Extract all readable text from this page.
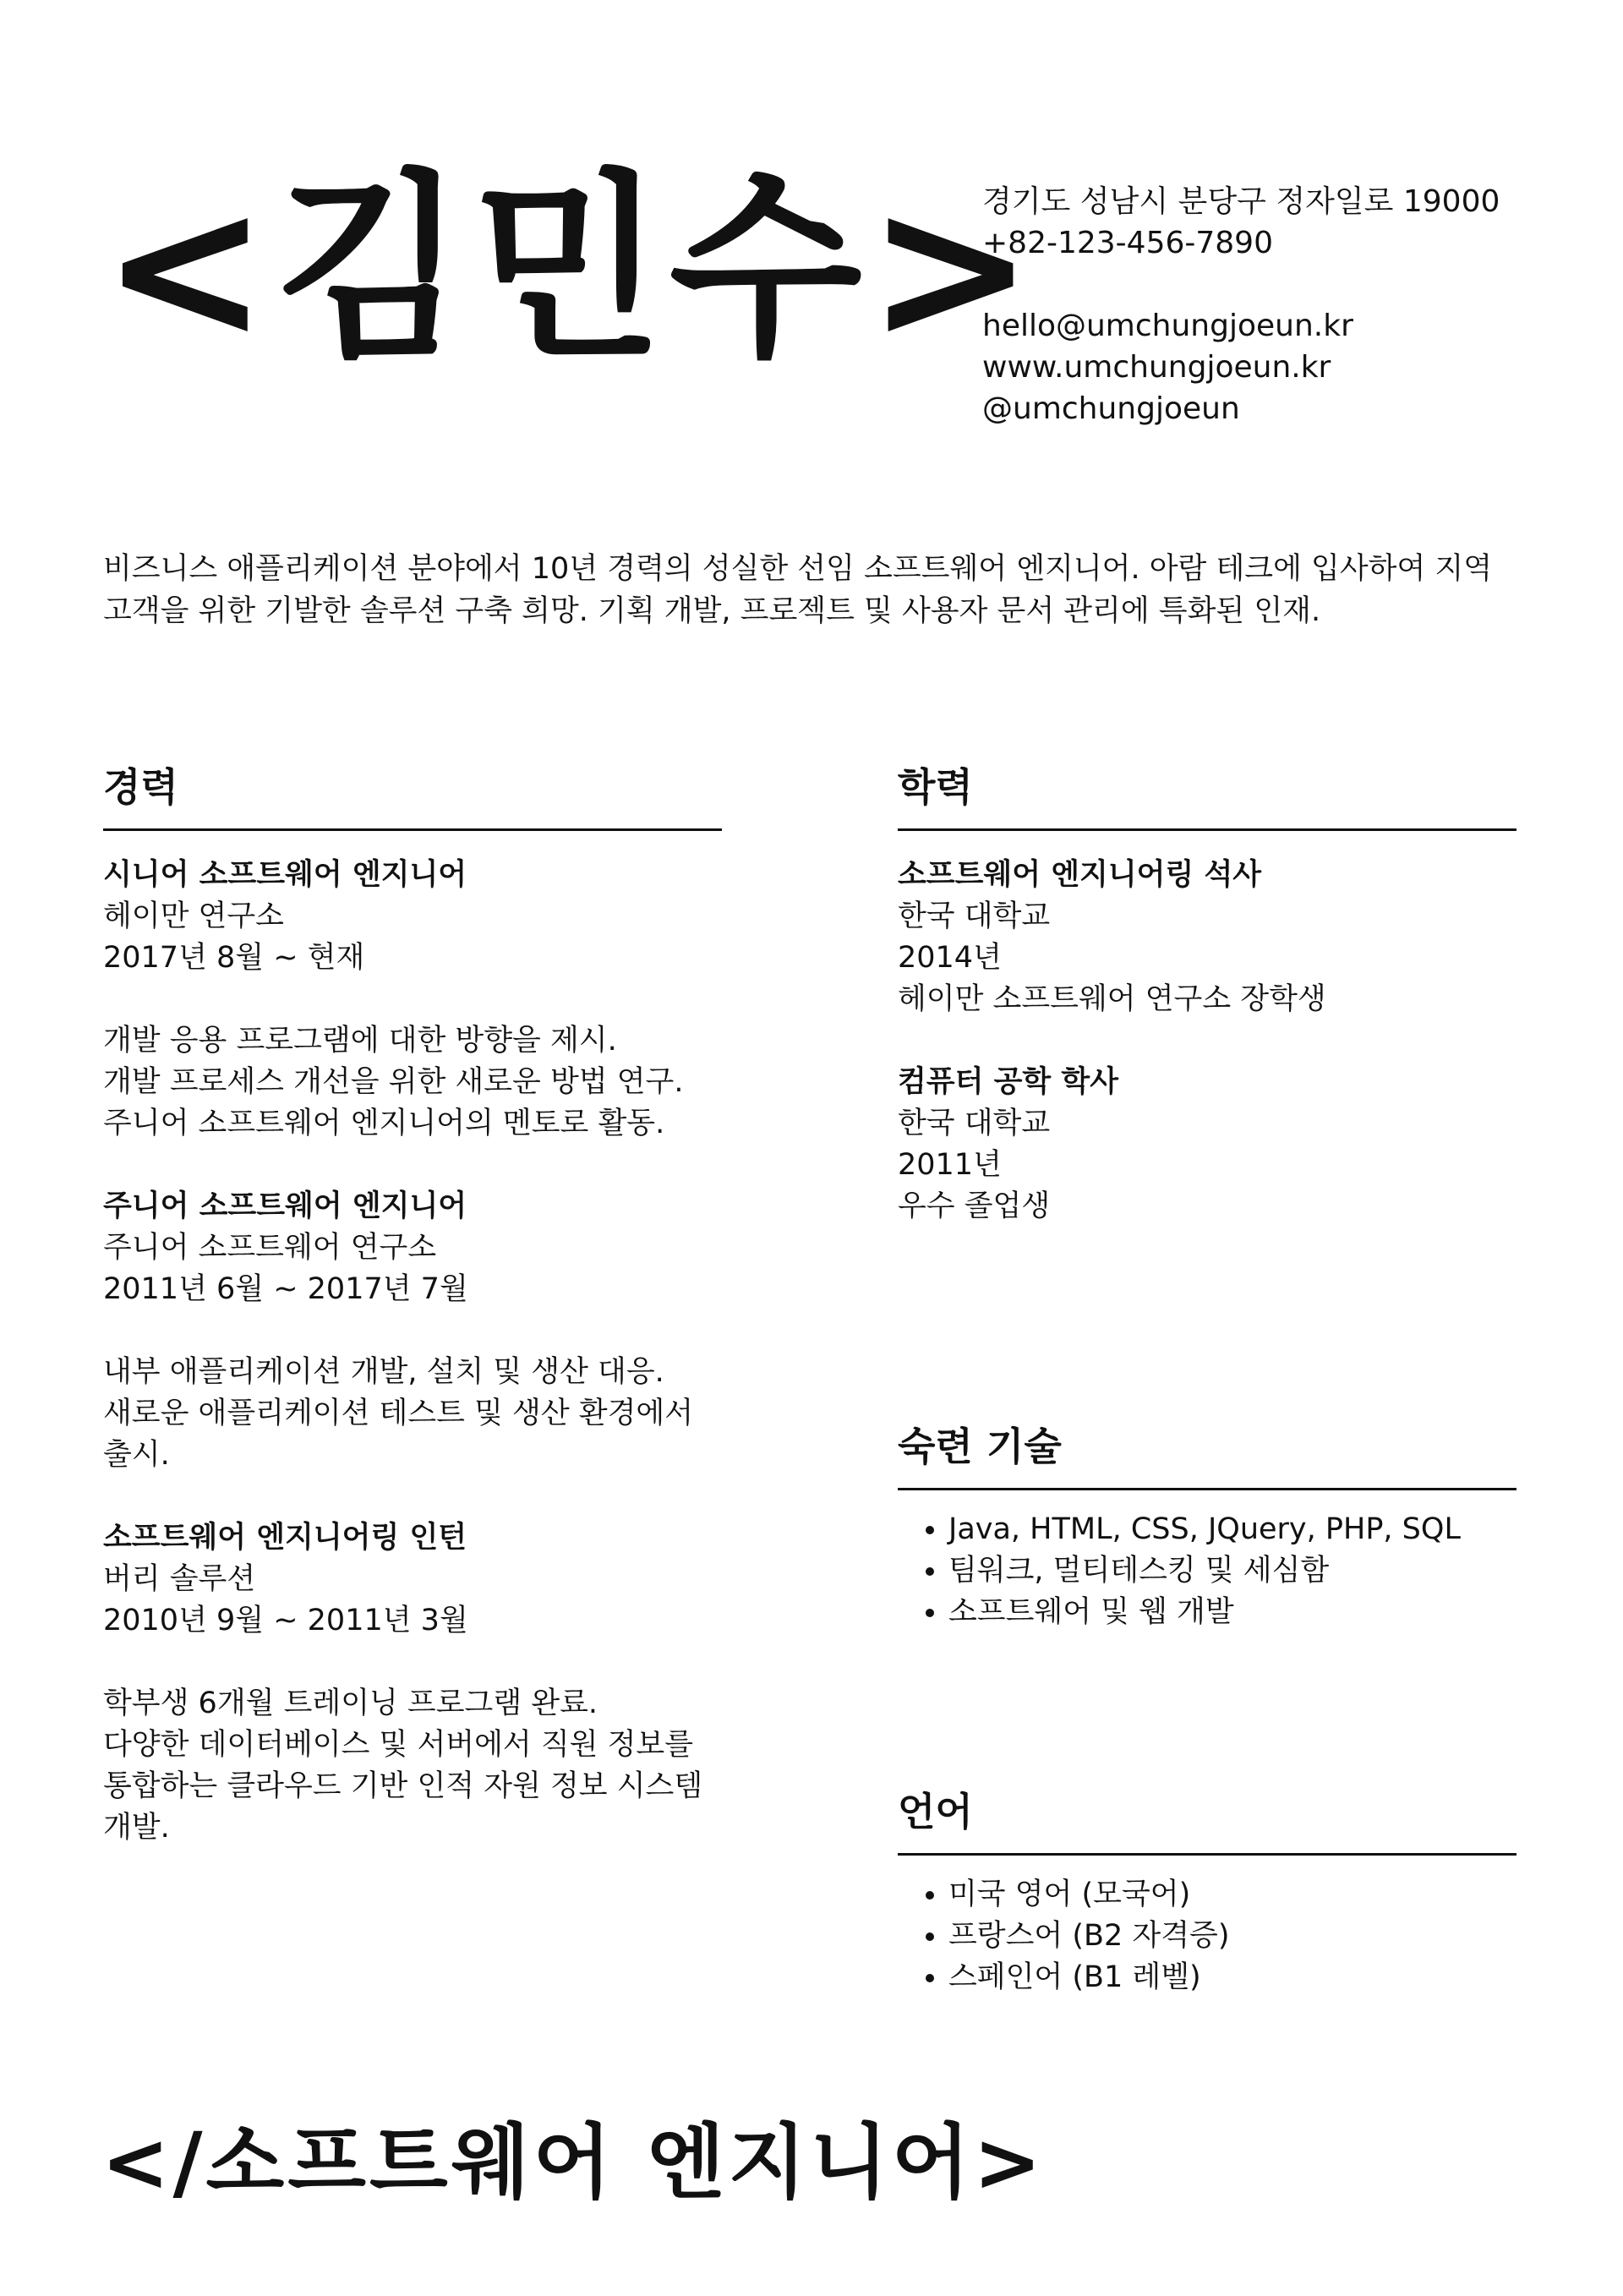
<김민수>
경기도 성남시 분당구 정자일로 19000
+82-123-456-7890
hello@umchungjoeun.kr
www.umchungjoeun.kr
@umchungjoeun
비즈니스 애플리케이션 분야에서 10년 경력의 성실한 선임 소프트웨어 엔지니어. 아람 테크에 입사하여 지역
고객을 위한 기발한 솔루션 구축 희망. 기획 개발, 프로젝트 및 사용자 문서 관리에 특화된 인재.
경력
시니어 소프트웨어 엔지니어
헤이만 연구소
2017년 8월 ~ 현재
개발 응용 프로그램에 대한 방향을 제시.
개발 프로세스 개선을 위한 새로운 방법 연구.
주니어 소프트웨어 엔지니어의 멘토로 활동.
주니어 소프트웨어 엔지니어
주니어 소프트웨어 연구소
2011년 6월 ~ 2017년 7월
내부 애플리케이션 개발, 설치 및 생산 대응.
새로운 애플리케이션 테스트 및 생산 환경에서
출시.
소프트웨어 엔지니어링 인턴
버리 솔루션
2010년 9월 ~ 2011년 3월
학부생 6개월 트레이닝 프로그램 완료.
다양한 데이터베이스 및 서버에서 직원 정보를
통합하는 클라우드 기반 인적 자원 정보 시스템
개발.
학력
소프트웨어 엔지니어링 석사
한국 대학교
2014년
헤이만 소프트웨어 연구소 장학생
컴퓨터 공학 학사
한국 대학교
2011년
우수 졸업생
숙련 기술
• Java, HTML, CSS, JQuery, PHP, SQL
• 팀워크, 멀티테스킹 및 세심함
• 소프트웨어 및 웹 개발
언어
• 미국 영어 (모국어)
• 프랑스어 (B2 자격증)
• 스페인어 (B1 레벨)
</소프트웨어 엔지니어>
